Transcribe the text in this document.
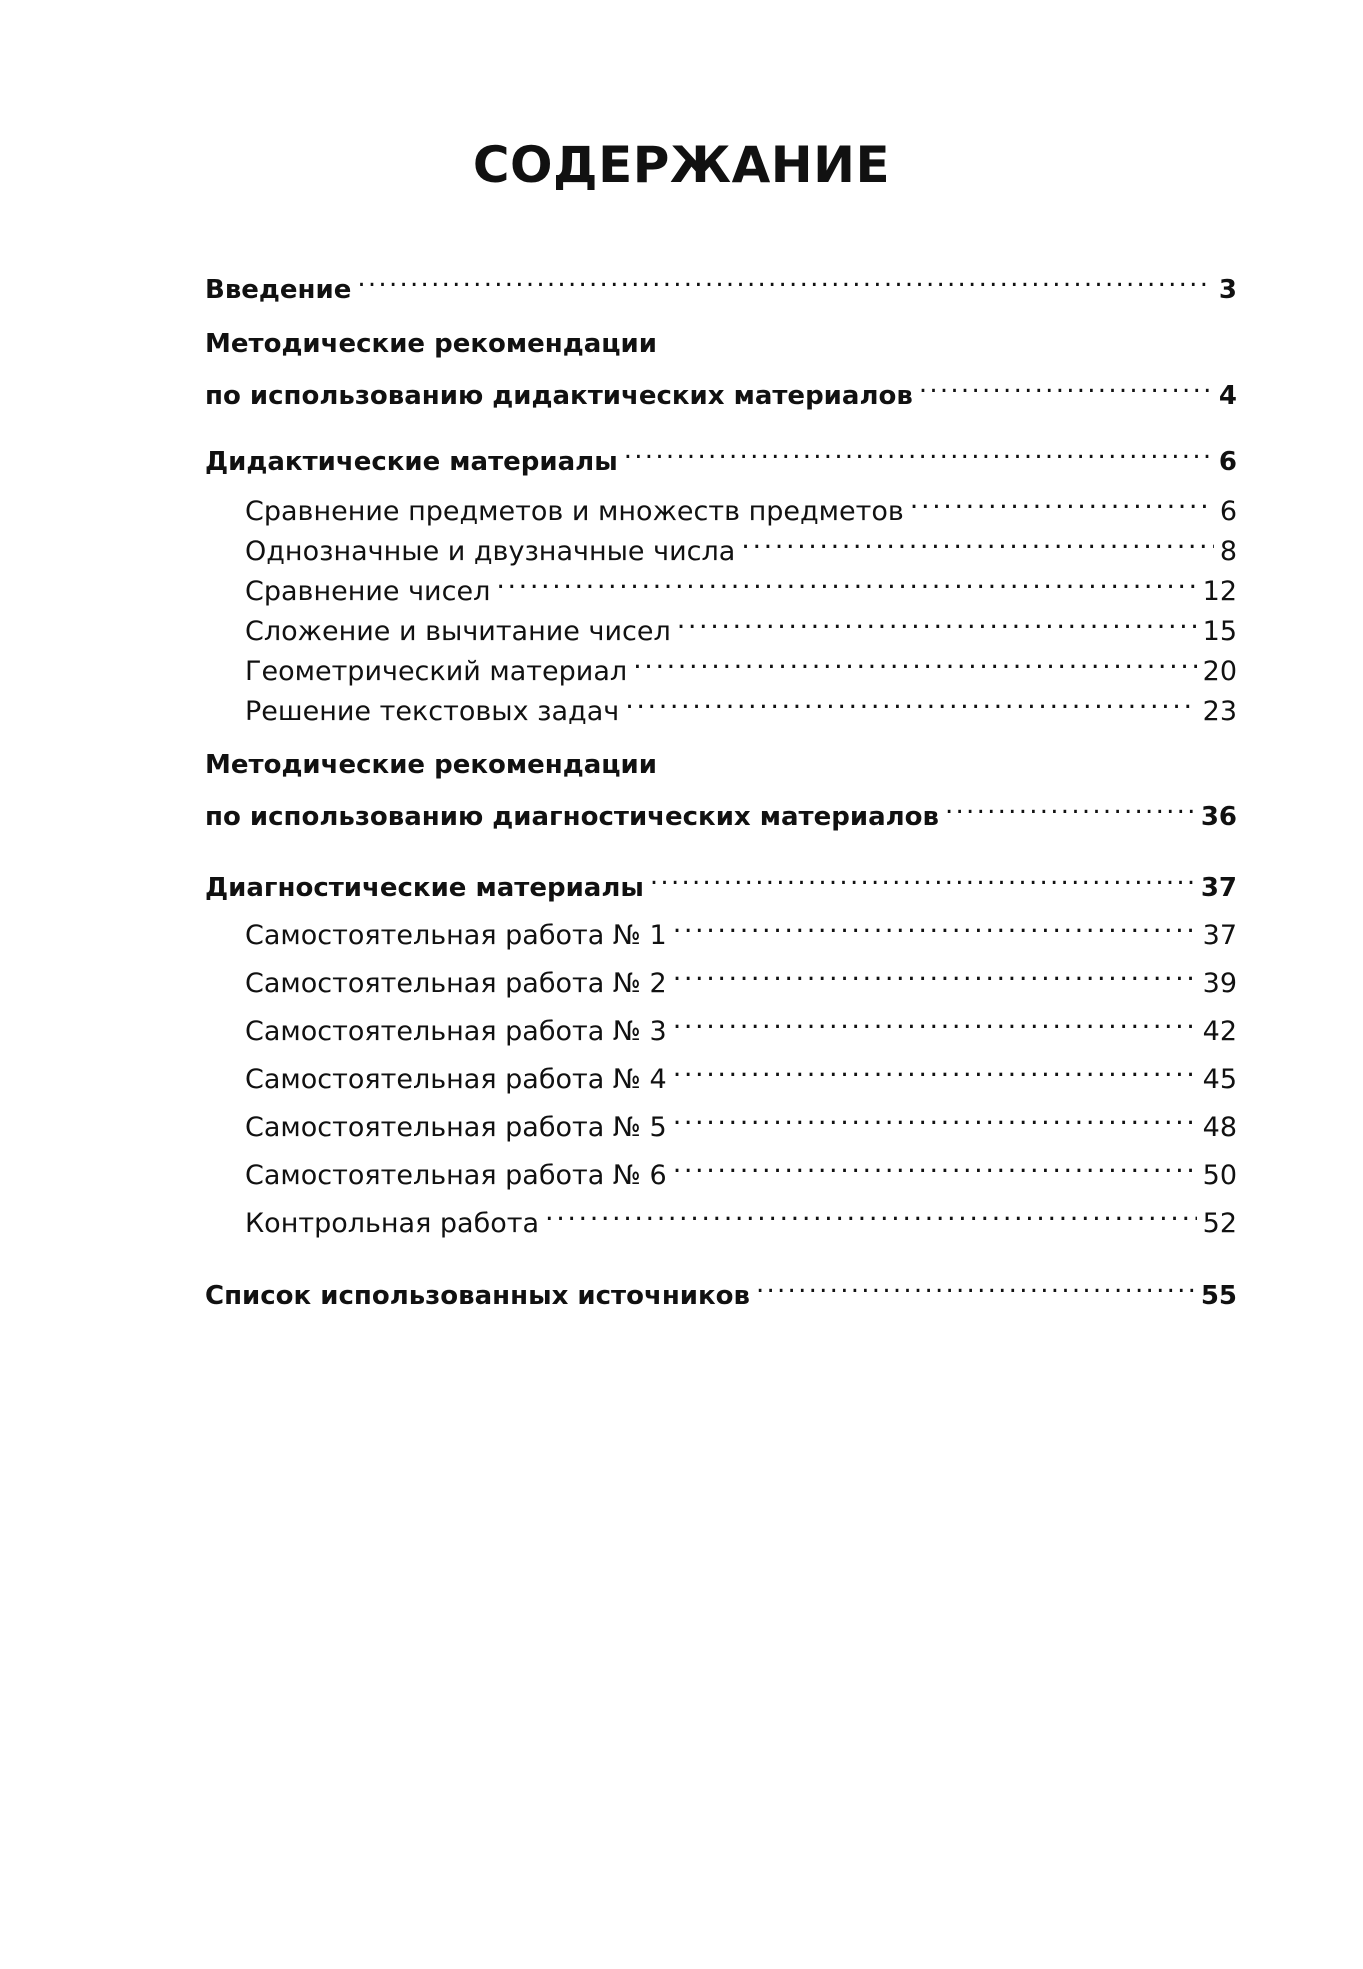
СОДЕРЖАНИЕ
Введение . . .	3
Методические рекомендации
по использованию дидактических материалов . . .	4
Дидактические материалы . . .	6
Сравнение предметов и множеств предметов . . .	6
Однозначные и двузначные числа . . .	8
Сравнение чисел . . .	12
Сложение и вычитание чисел . . .	15
Геометрический материал . . .	20
Решение текстовых задач . . .	23
Методические рекомендации
по использованию диагностических материалов . . .	36
Диагностические материалы . . .	37
Самостоятельная работа № 1 . . .	37
Самостоятельная работа № 2 . . .	39
Самостоятельная работа № 3 . . .	42
Самостоятельная работа № 4 . . .	45
Самостоятельная работа № 5 . . .	48
Самостоятельная работа № 6 . . .	50
Контрольная работа . . .	52
Список использованных источников . . .	55
